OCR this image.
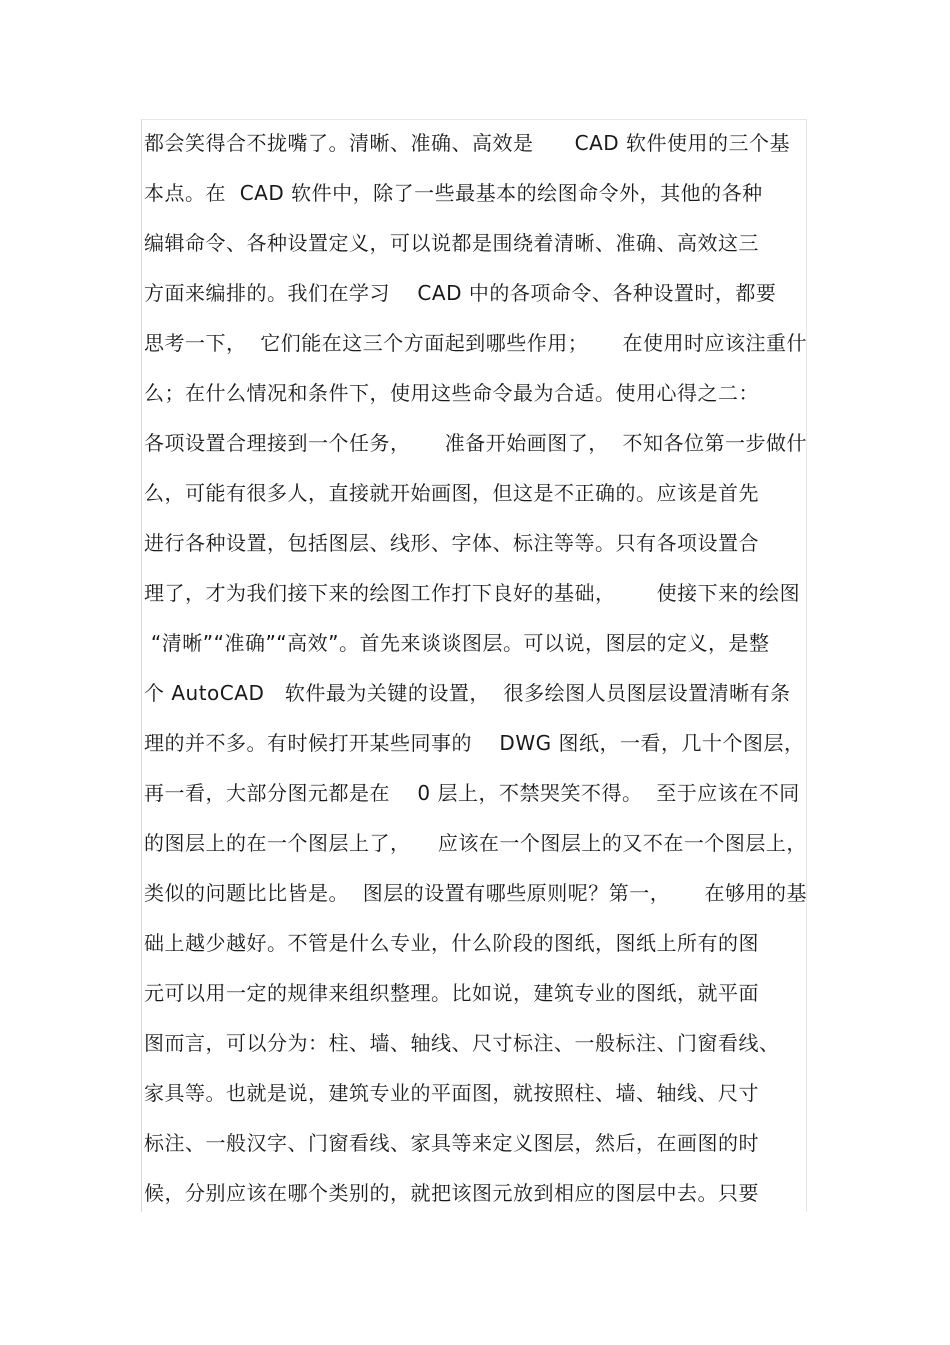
都会笑得合不拢嘴了。清晰、准确、高效是      CAD 软件使用的三个基
本点。在  CAD 软件中，除了一些最基本的绘图命令外，其他的各种
编辑命令、各种设置定义，可以说都是围绕着清晰、准确、高效这三
方面来编排的。我们在学习    CAD 中的各项命令、各种设置时，都要
思考一下，  它们能在这三个方面起到哪些作用；     在使用时应该注重什
么；在什么情况和条件下，使用这些命令最为合适。使用心得之二：
各项设置合理接到一个任务，     准备开始画图了，  不知各位第一步做什
么，可能有很多人，直接就开始画图，但这是不正确的。应该是首先
进行各种设置，包括图层、线形、字体、标注等等。只有各项设置合
理了，才为我们接下来的绘图工作打下良好的基础，      使接下来的绘图
“清晰”“准确”“高效”。首先来谈谈图层。可以说，图层的定义，是整
个 AutoCAD   软件最为关键的设置，  很多绘图人员图层设置清晰有条
理的并不多。有时候打开某些同事的    DWG 图纸，一看，几十个图层，
再一看，大部分图元都是在    0 层上，不禁哭笑不得。  至于应该在不同
的图层上的在一个图层上了，    应该在一个图层上的又不在一个图层上，
类似的问题比比皆是。  图层的设置有哪些原则呢？第一，     在够用的基
础上越少越好。不管是什么专业，什么阶段的图纸，图纸上所有的图
元可以用一定的规律来组织整理。比如说，建筑专业的图纸，就平面
图而言，可以分为：柱、墙、轴线、尺寸标注、一般标注、门窗看线、
家具等。也就是说，建筑专业的平面图，就按照柱、墙、轴线、尺寸
标注、一般汉字、门窗看线、家具等来定义图层，然后，在画图的时
候，分别应该在哪个类别的，就把该图元放到相应的图层中去。只要
